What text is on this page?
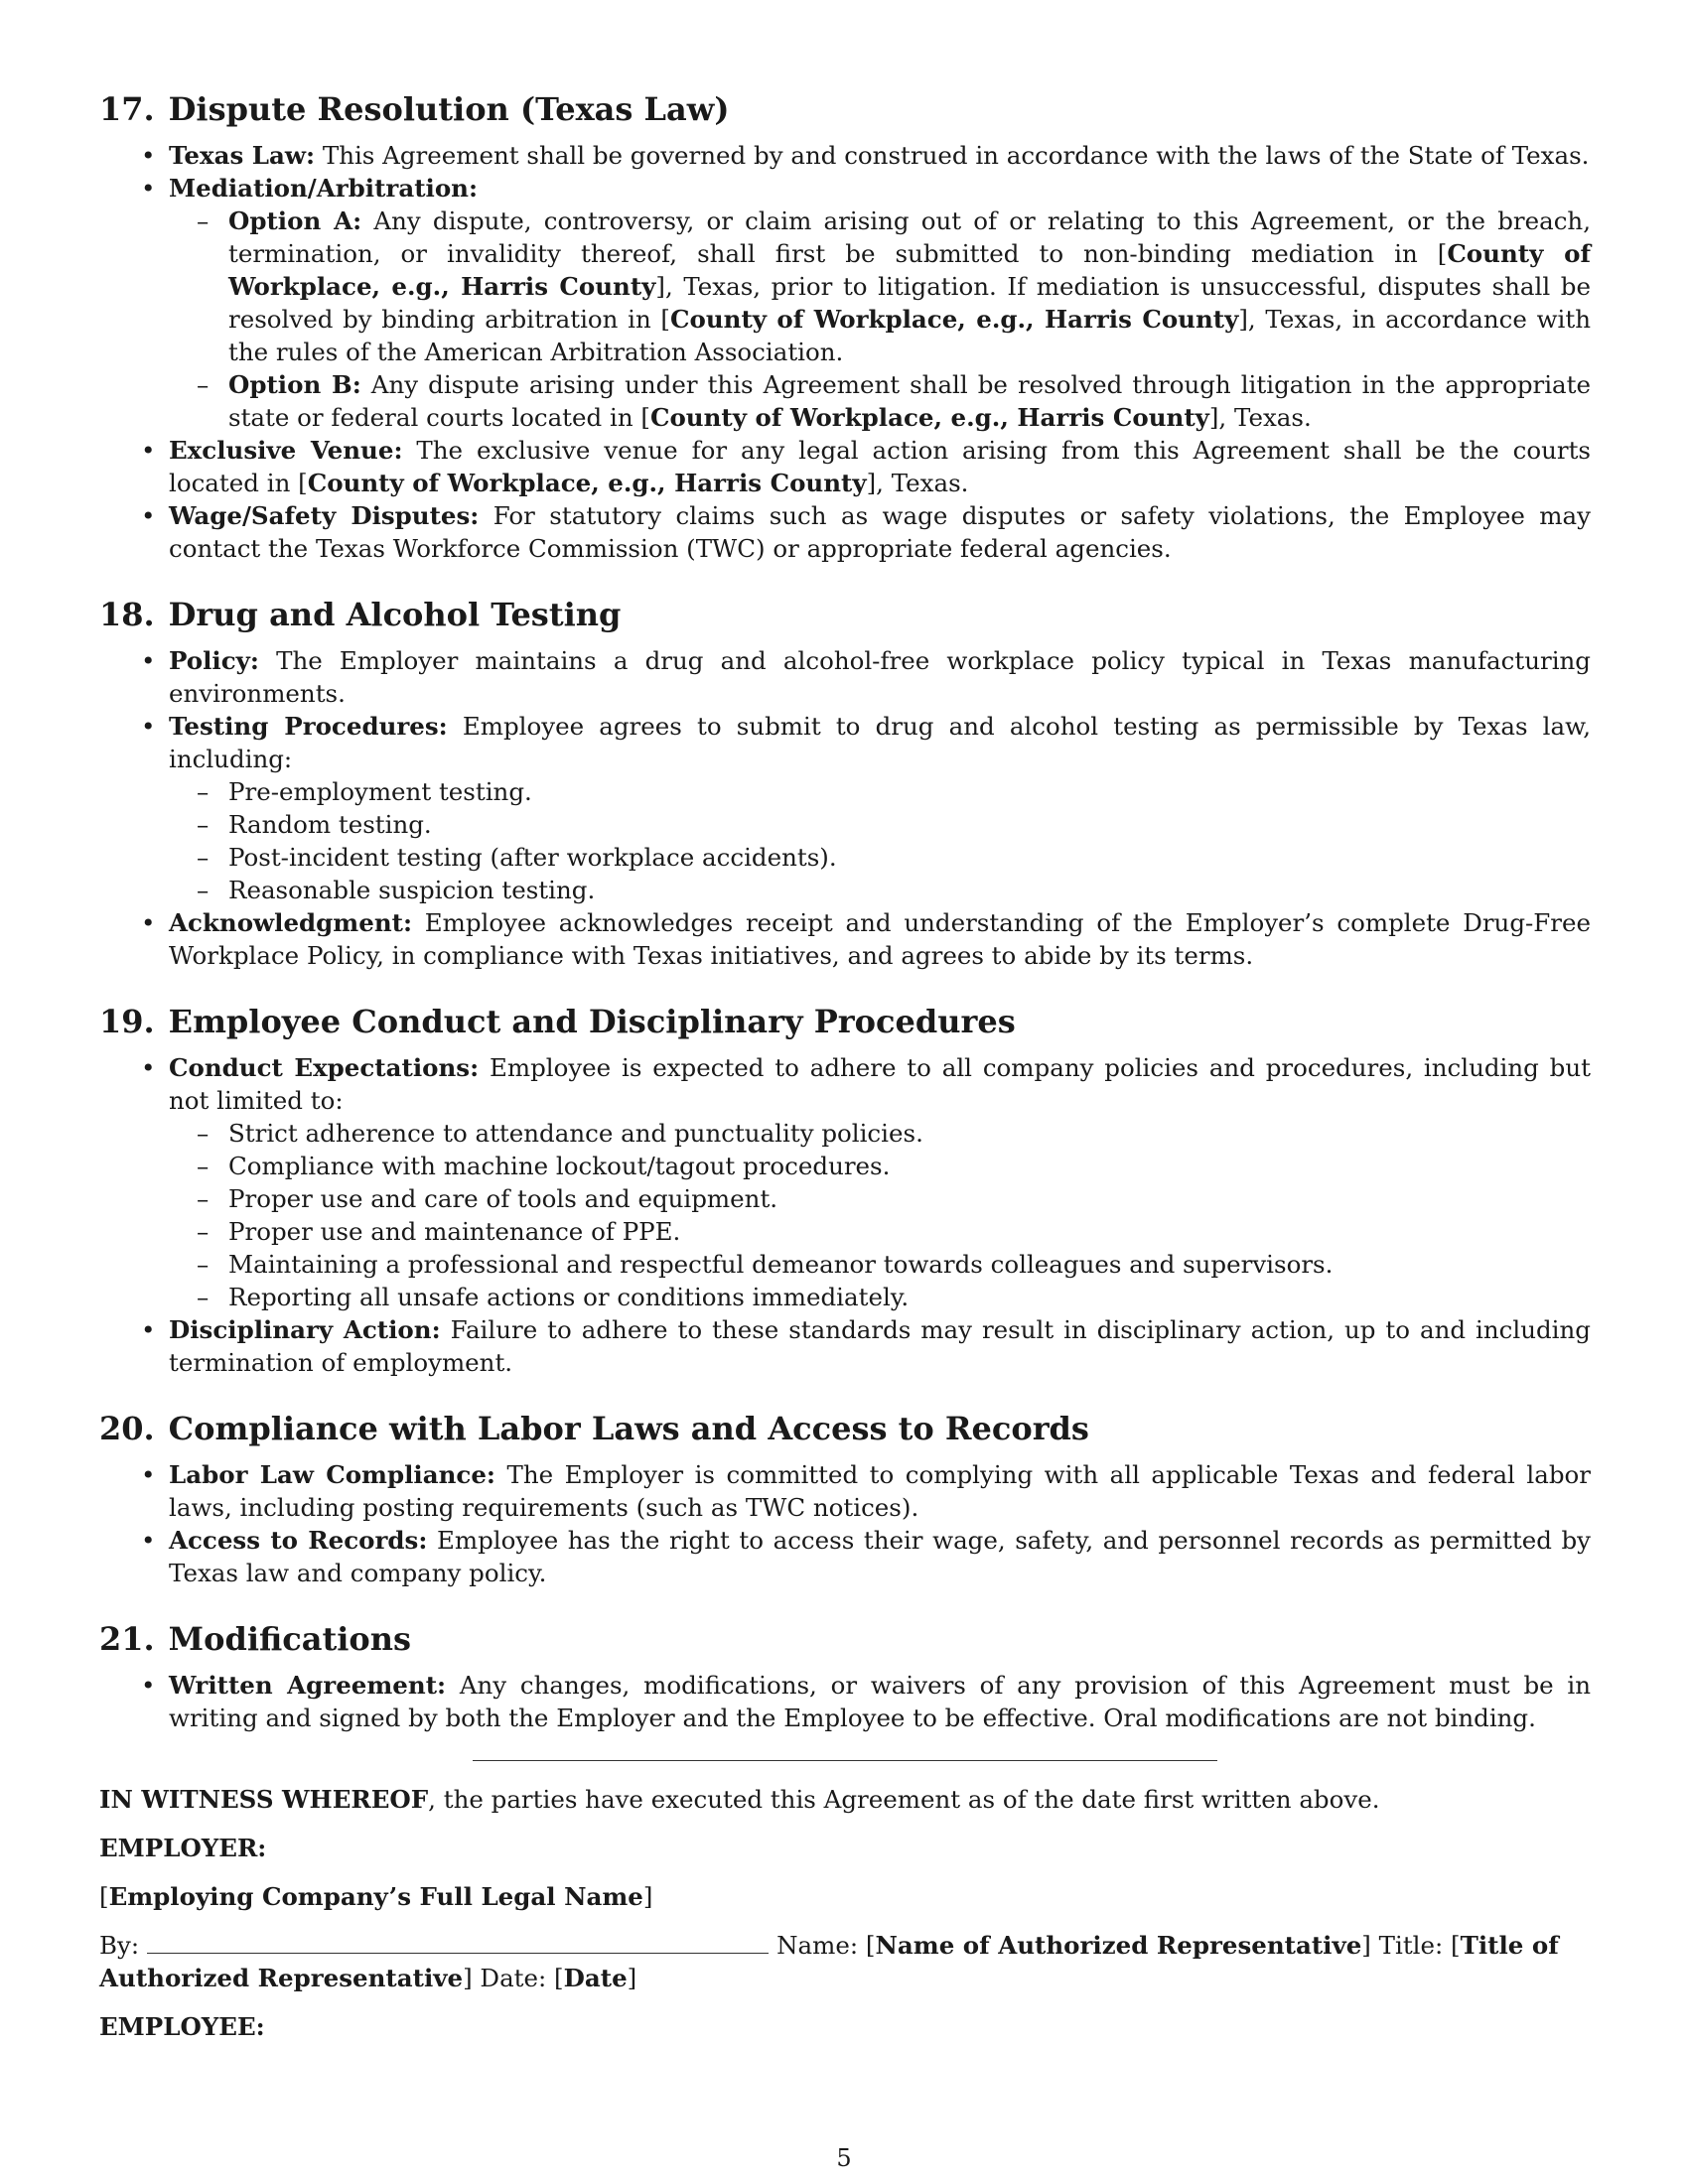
17. Dispute Resolution (Texas Law)
• Texas Law: This Agreement shall be governed by and construed in accordance with the laws of the State of Texas.
• Mediation/Arbitration:
– Option A: Any dispute, controversy, or claim arising out of or relating to this Agreement, or the breach, termination, or invalidity thereof, shall first be submitted to non-binding mediation in [County of Workplace, e.g., Harris County], Texas, prior to litigation. If mediation is unsuccessful, disputes shall be resolved by binding arbitration in [County of Workplace, e.g., Harris County], Texas, in accordance with the rules of the American Arbitration Association.
– Option B: Any dispute arising under this Agreement shall be resolved through litigation in the appropriate state or federal courts located in [County of Workplace, e.g., Harris County], Texas.
• Exclusive Venue: The exclusive venue for any legal action arising from this Agreement shall be the courts located in [County of Workplace, e.g., Harris County], Texas.
• Wage/Safety Disputes: For statutory claims such as wage disputes or safety violations, the Employee may contact the Texas Workforce Commission (TWC) or appropriate federal agencies.
18. Drug and Alcohol Testing
• Policy: The Employer maintains a drug and alcohol-free workplace policy typical in Texas manufacturing environments.
• Testing Procedures: Employee agrees to submit to drug and alcohol testing as permissible by Texas law, including:
– Pre-employment testing.
– Random testing.
– Post-incident testing (after workplace accidents).
– Reasonable suspicion testing.
• Acknowledgment: Employee acknowledges receipt and understanding of the Employer’s complete Drug-Free Workplace Policy, in compliance with Texas initiatives, and agrees to abide by its terms.
19. Employee Conduct and Disciplinary Procedures
• Conduct Expectations: Employee is expected to adhere to all company policies and procedures, including but not limited to:
– Strict adherence to attendance and punctuality policies.
– Compliance with machine lockout/tagout procedures.
– Proper use and care of tools and equipment.
– Proper use and maintenance of PPE.
– Maintaining a professional and respectful demeanor towards colleagues and supervisors.
– Reporting all unsafe actions or conditions immediately.
• Disciplinary Action: Failure to adhere to these standards may result in disciplinary action, up to and including termination of employment.
20. Compliance with Labor Laws and Access to Records
• Labor Law Compliance: The Employer is committed to complying with all applicable Texas and federal labor laws, including posting requirements (such as TWC notices).
• Access to Records: Employee has the right to access their wage, safety, and personnel records as permitted by Texas law and company policy.
21. Modifications
• Written Agreement: Any changes, modifications, or waivers of any provision of this Agreement must be in writing and signed by both the Employer and the Employee to be effective. Oral modifications are not binding.

IN WITNESS WHEREOF, the parties have executed this Agreement as of the date first written above.

EMPLOYER:

[Employing Company’s Full Legal Name]

By:	Name: [Name of Authorized Representative] Title: [Title of Authorized Representative] Date: [Date]

EMPLOYEE:

5
